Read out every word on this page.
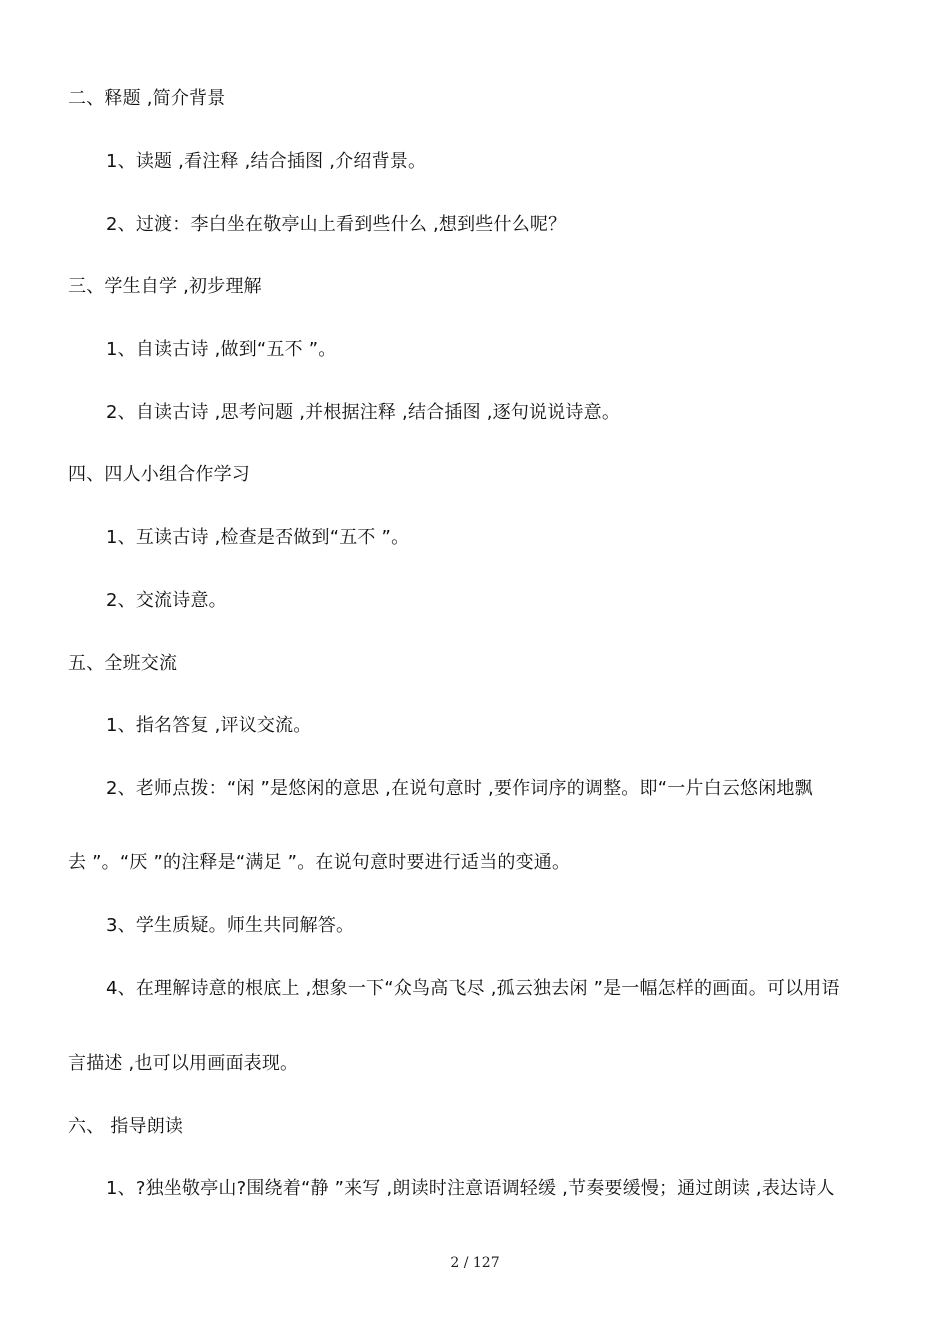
二、释题 ,简介背景
1、读题 ,看注释 ,结合插图 ,介绍背景。
2、过渡：李白坐在敬亭山上看到些什么 ,想到些什么呢？
三、学生自学 ,初步理解
1、自读古诗 ,做到“五不 ”。
2、自读古诗 ,思考问题 ,并根据注释 ,结合插图 ,逐句说说诗意。
四、四人小组合作学习
1、互读古诗 ,检查是否做到“五不 ”。
2、交流诗意。
五、全班交流
1、指名答复 ,评议交流。
2、老师点拨：“闲 ”是悠闲的意思 ,在说句意时 ,要作词序的调整。即“一片白云悠闲地飘
去 ”。“厌 ”的注释是“满足 ”。在说句意时要进行适当的变通。
3、学生质疑。师生共同解答。
4、在理解诗意的根底上 ,想象一下“众鸟高飞尽 ,孤云独去闲 ”是一幅怎样的画面。可以用语
言描述 ,也可以用画面表现。
六、 指导朗读
1、?独坐敬亭山?围绕着“静 ”来写 ,朗读时注意语调轻缓 ,节奏要缓慢；通过朗读 ,表达诗人
2 / 127
